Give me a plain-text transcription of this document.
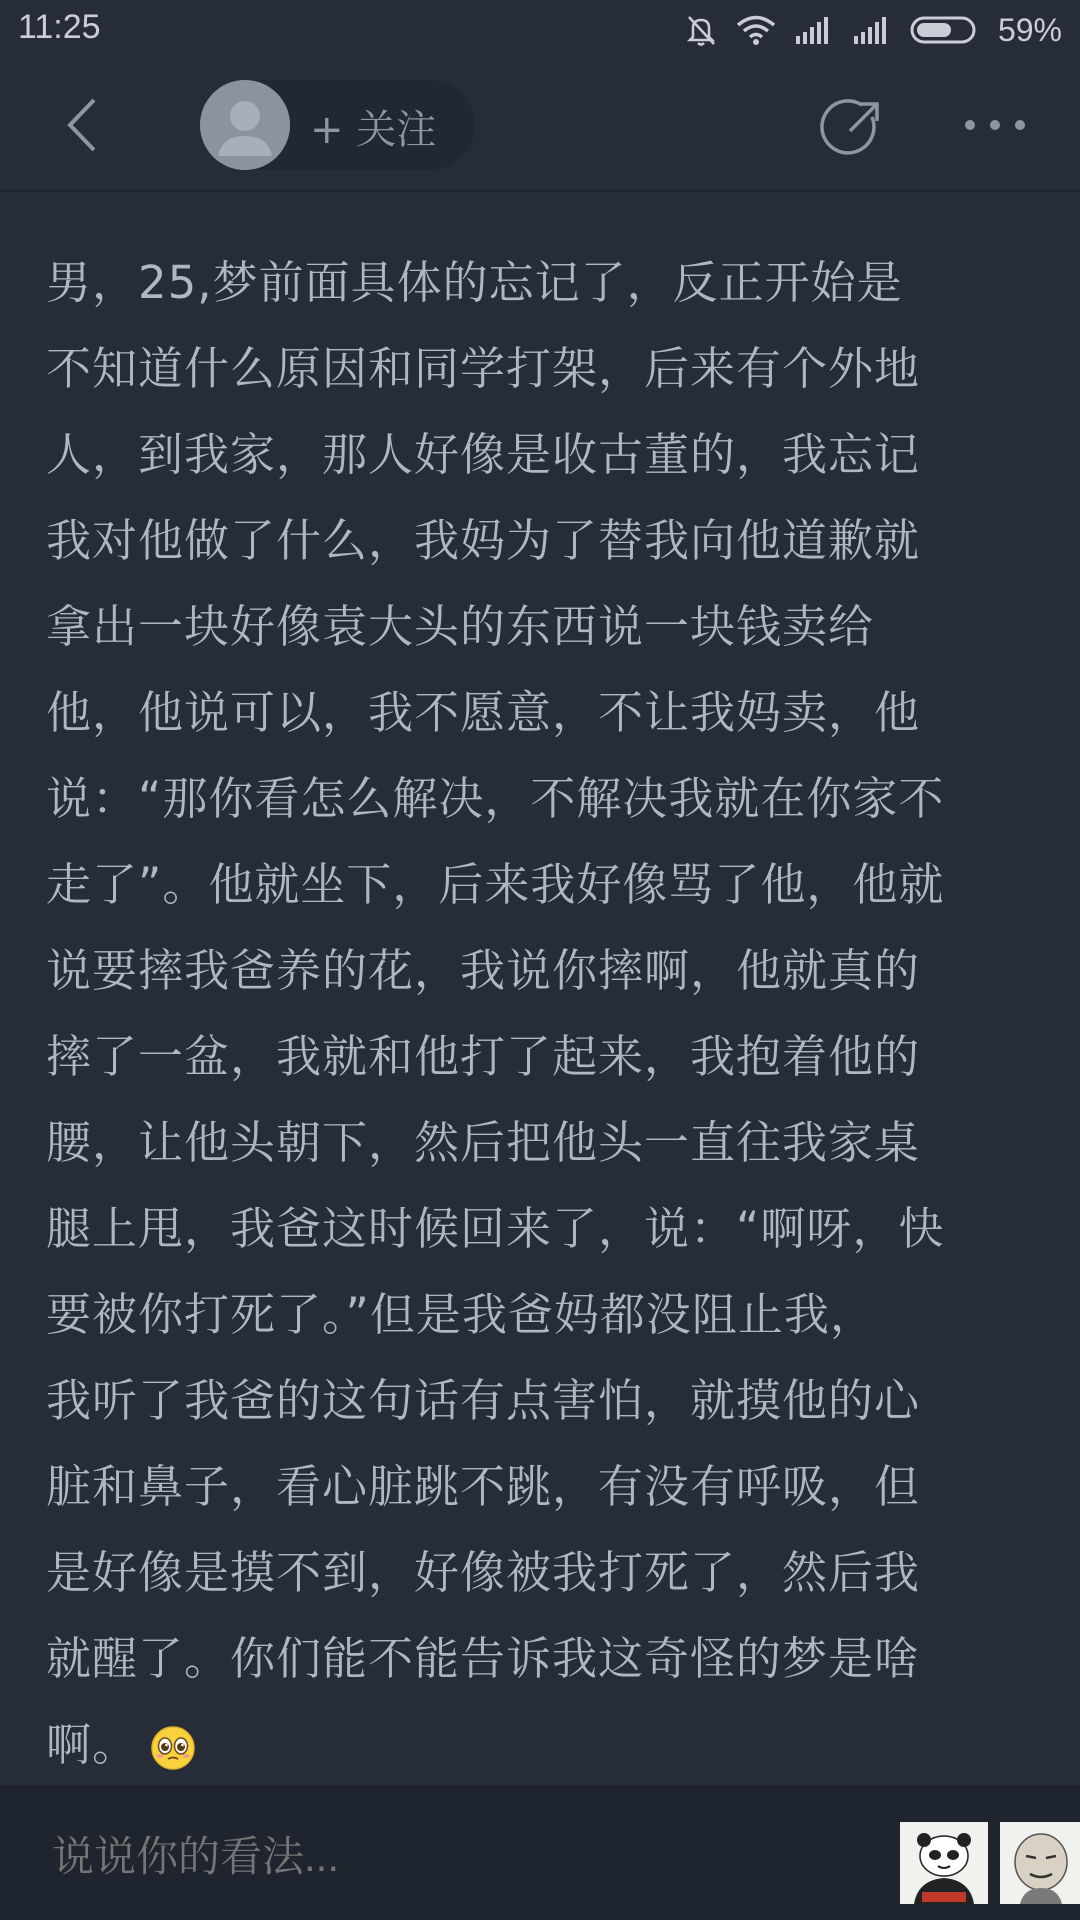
11:25	59%
+ 关注
男，25,梦前面具体的忘记了，反正开始是
不知道什么原因和同学打架，后来有个外地
人，到我家，那人好像是收古董的，我忘记
我对他做了什么，我妈为了替我向他道歉就
拿出一块好像袁大头的东西说一块钱卖给
他，他说可以，我不愿意，不让我妈卖，他
说：“那你看怎么解决，不解决我就在你家不
走了”。他就坐下，后来我好像骂了他，他就
说要摔我爸养的花，我说你摔啊，他就真的
摔了一盆，我就和他打了起来，我抱着他的
腰，让他头朝下，然后把他头一直往我家桌
腿上甩，我爸这时候回来了，说：“啊呀，快
要被你打死了。”但是我爸妈都没阻止我，
我听了我爸的这句话有点害怕，就摸他的心
脏和鼻子，看心脏跳不跳，有没有呼吸，但
是好像是摸不到，好像被我打死了，然后我
就醒了。你们能不能告诉我这奇怪的梦是啥
啊。
说说你的看法...
